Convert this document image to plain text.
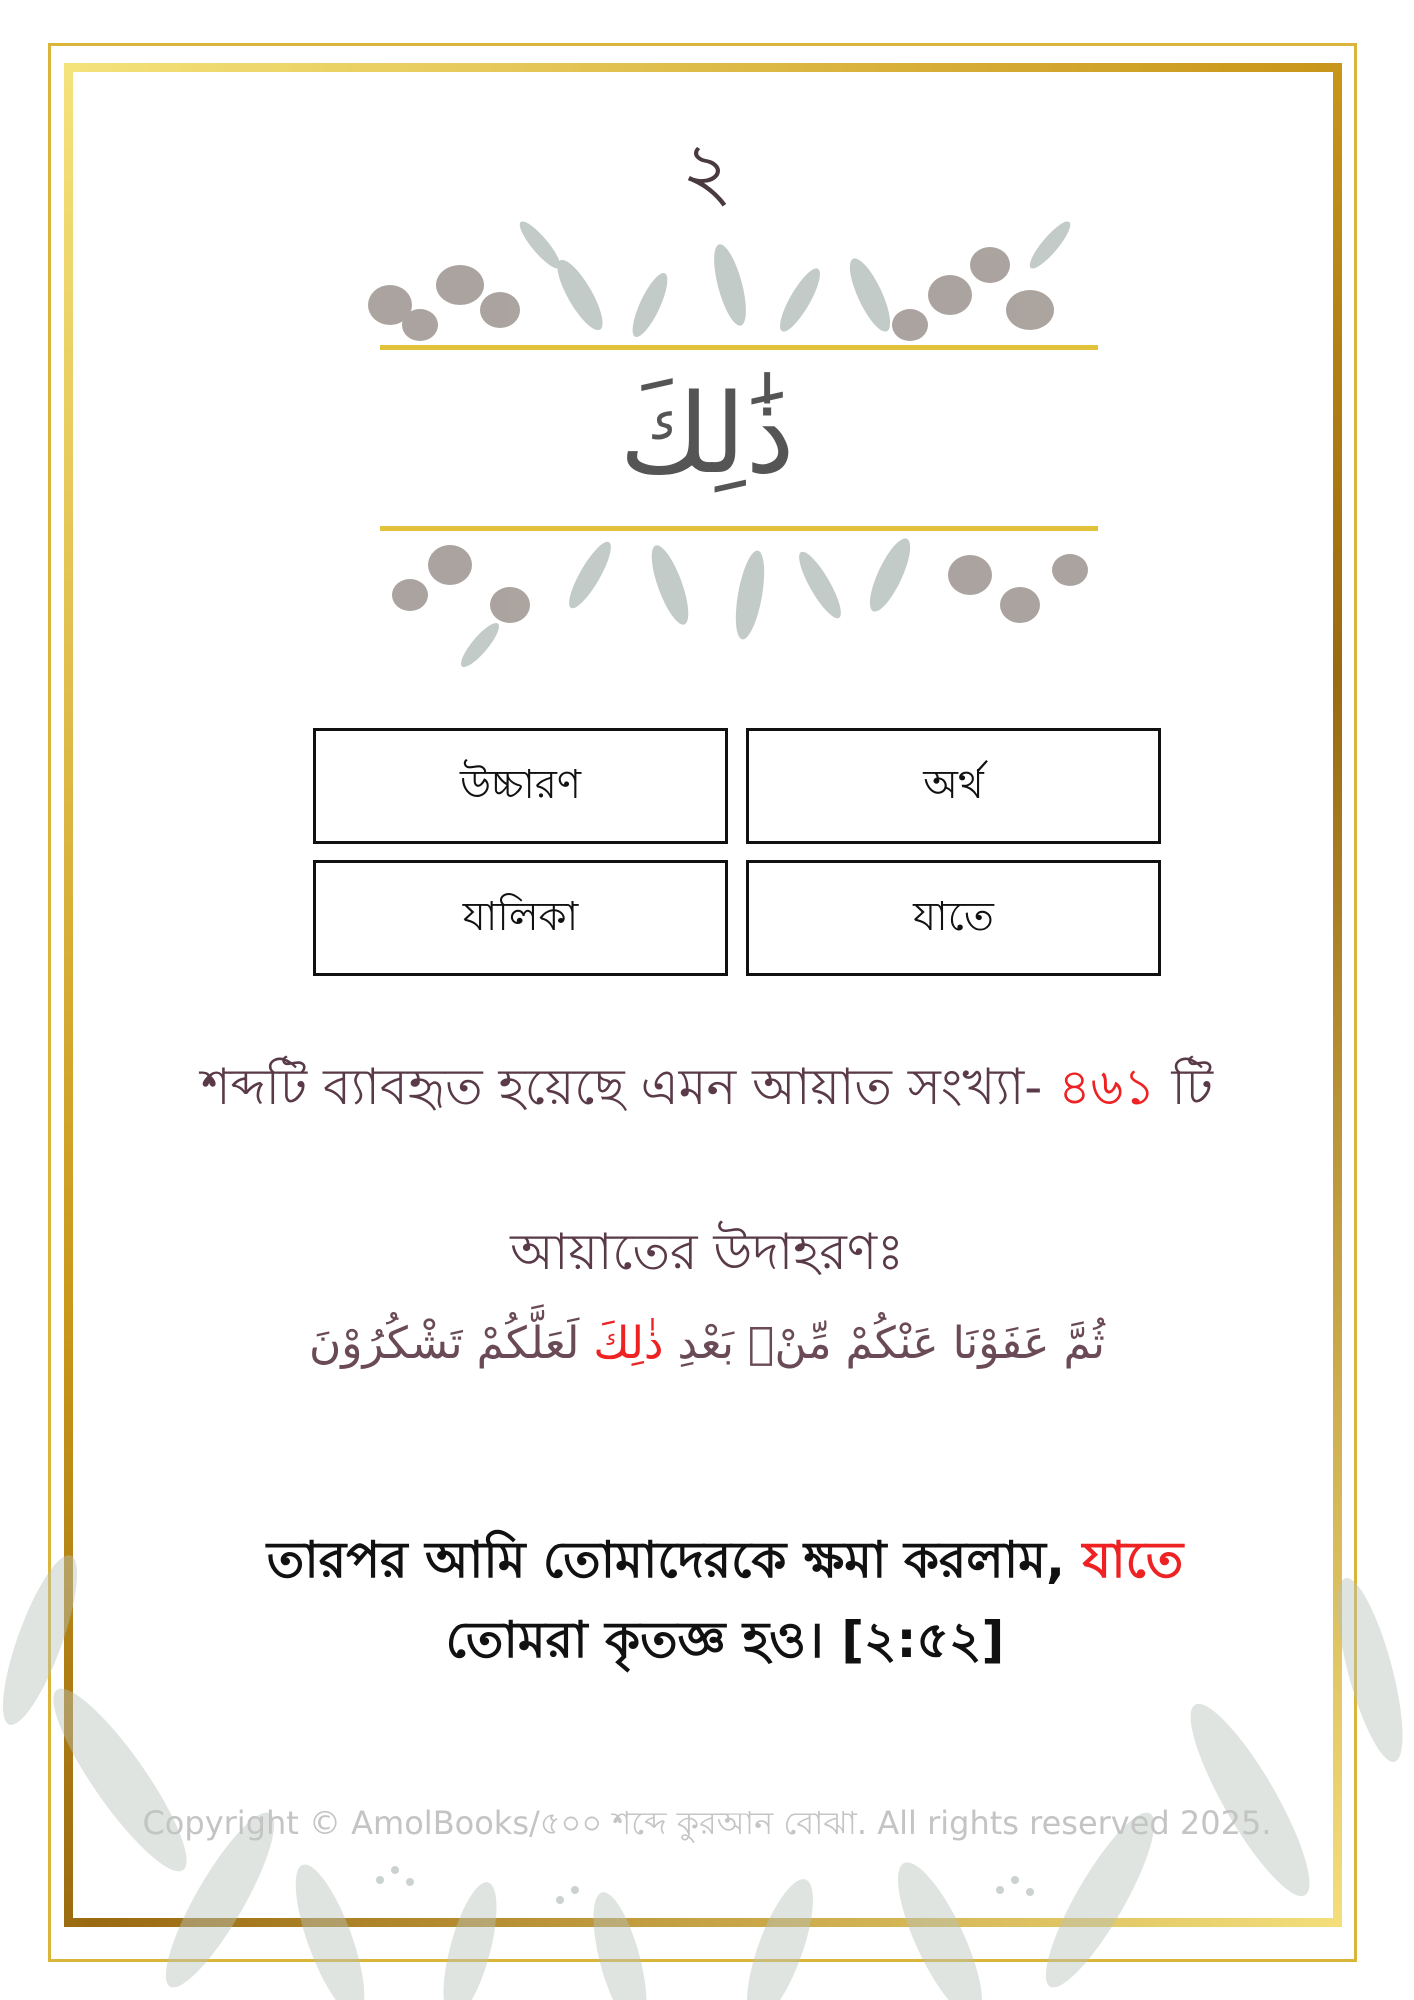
২
ذَٰلِكَ
উচ্চারণ	অর্থ
যালিকা	যাতে
শব্দটি ব্যাবহৃত হয়েছে এমন আয়াত সংখ্যা- ৪৬১ টি
আয়াতের উদাহরণঃ
ثُمَّ عَفَوْنَا عَنْكُمْ مِّنْۢ بَعْدِ ذٰلِكَ لَعَلَّكُمْ تَشْكُرُوْنَ
তারপর আমি তোমাদেরকে ক্ষমা করলাম, যাতে
তোমরা কৃতজ্ঞ হও। [২:৫২]
Copyright © AmolBooks/৫০০ শব্দে কুরআন বোঝা. All rights reserved 2025.
